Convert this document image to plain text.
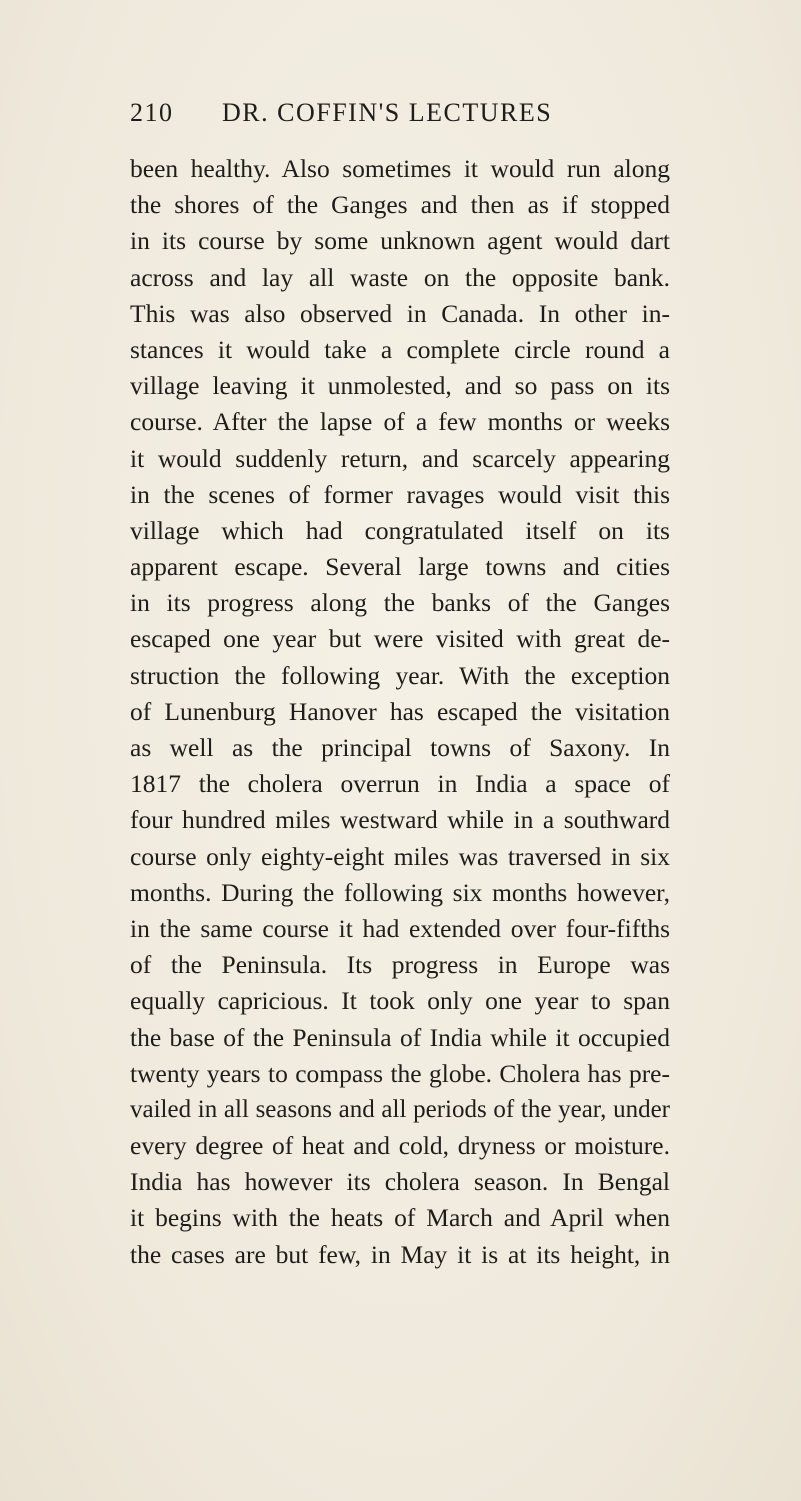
210 DR. COFFIN'S LECTURES
been healthy. Also sometimes it would run along
the shores of the Ganges and then as if stopped
in its course by some unknown agent would dart
across and lay all waste on the opposite bank.
This was also observed in Canada. In other in-
stances it would take a complete circle round a
village leaving it unmolested, and so pass on its
course. After the lapse of a few months or weeks
it would suddenly return, and scarcely appearing
in the scenes of former ravages would visit this
village which had congratulated itself on its
apparent escape. Several large towns and cities
in its progress along the banks of the Ganges
escaped one year but were visited with great de-
struction the following year. With the exception
of Lunenburg Hanover has escaped the visitation
as well as the principal towns of Saxony. In
1817 the cholera overrun in India a space of
four hundred miles westward while in a southward
course only eighty-eight miles was traversed in six
months. During the following six months however,
in the same course it had extended over four-fifths
of the Peninsula. Its progress in Europe was
equally capricious. It took only one year to span
the base of the Peninsula of India while it occupied
twenty years to compass the globe. Cholera has pre-
vailed in all seasons and all periods of the year, under
every degree of heat and cold, dryness or moisture.
India has however its cholera season. In Bengal
it begins with the heats of March and April when
the cases are but few, in May it is at its height, in
